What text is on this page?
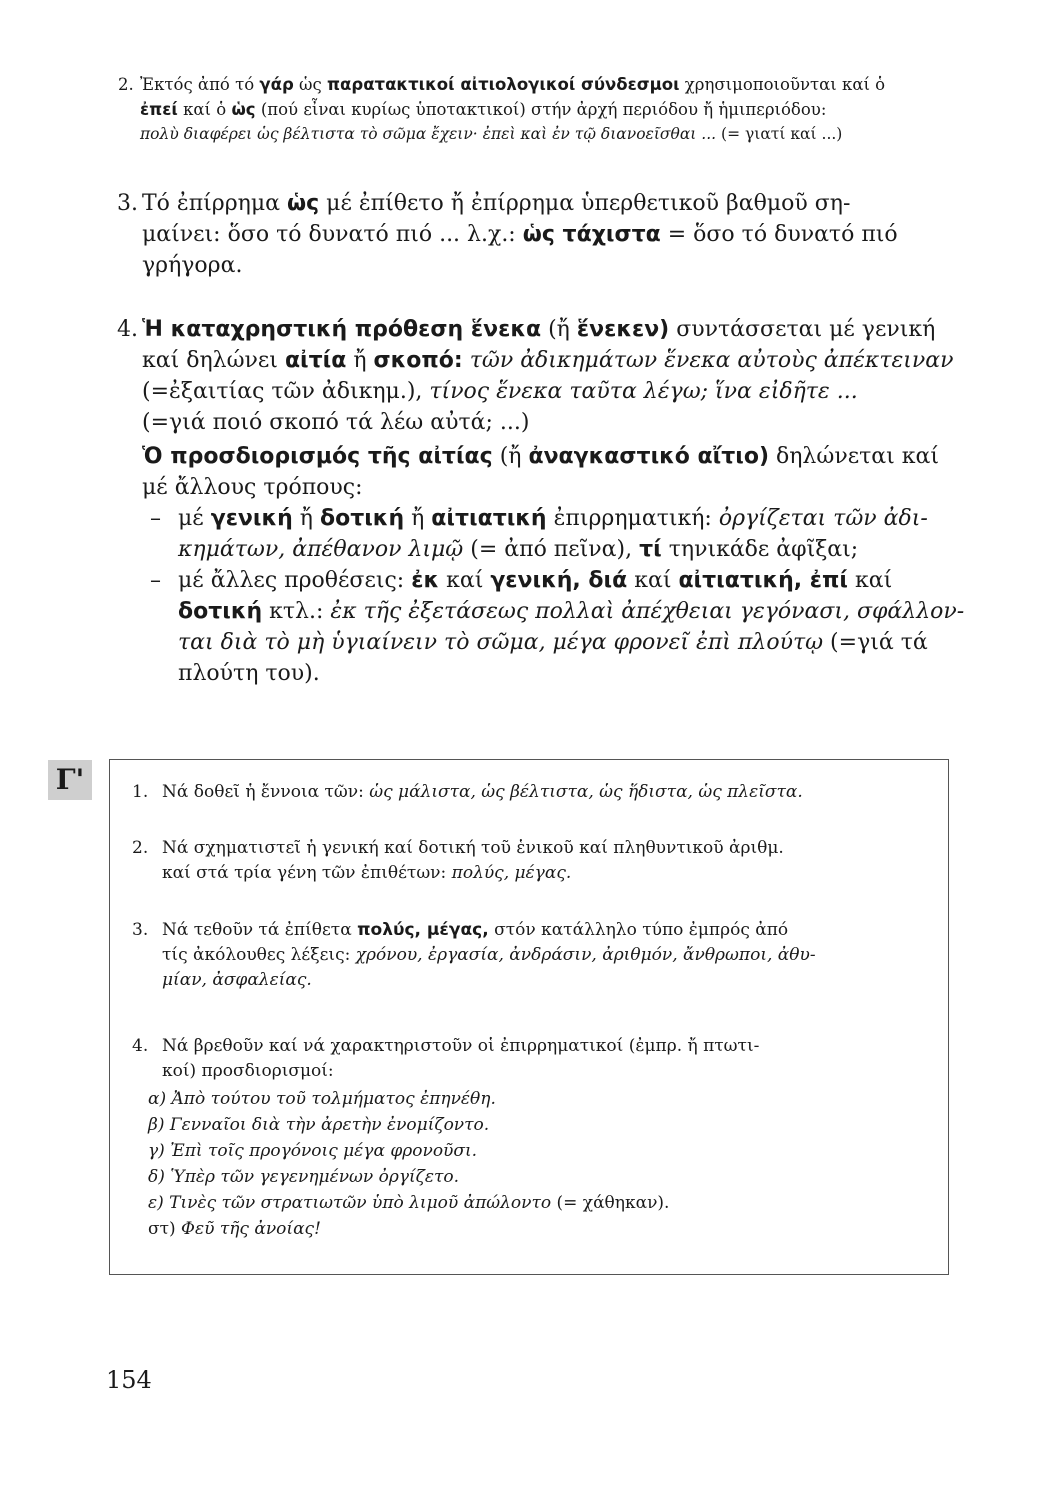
2. Ἐκτός ἀπό τό γάρ ὡς παρατακτικοί αἰτιολογικοί σύνδεσμοι χρησιμοποιοῦνται καί ὁ
ἐπεί καί ὁ ὡς (πού εἶναι κυρίως ὑποτακτικοί) στήν ἀρχή περιόδου ἤ ἡμιπεριόδου:
πολὺ διαφέρει ὡς βέλτιστα τὸ σῶμα ἔχειν· ἐπεὶ καὶ ἐν τῷ διανοεῖσθαι ... (= γιατί καί ...)
3. Τό ἐπίρρημα ὡς μέ ἐπίθετο ἤ ἐπίρρημα ὑπερθετικοῦ βαθμοῦ ση-
μαίνει: ὅσο τό δυνατό πιό ... λ.χ.: ὡς τάχιστα = ὅσο τό δυνατό πιό
γρήγορα.
4. Ἡ καταχρηστική πρόθεση ἕνεκα (ἤ ἕνεκεν) συντάσσεται μέ γενική
καί δηλώνει αἰτία ἤ σκοπό: τῶν ἀδικημάτων ἕνεκα αὐτοὺς ἀπέκτειναν
(=ἐξαιτίας τῶν ἀδικημ.), τίνος ἕνεκα ταῦτα λέγω; ἵνα εἰδῆτε ...
(=γιά ποιό σκοπό τά λέω αὐτά; ...)
Ὁ προσδιορισμός τῆς αἰτίας (ἤ ἀναγκαστικό αἴτιο) δηλώνεται καί
μέ ἄλλους τρόπους:
– μέ γενική ἤ δοτική ἤ αἰτιατική ἐπιρρηματική: ὀργίζεται τῶν ἀδι-
κημάτων, ἀπέθανον λιμῷ (= ἀπό πεῖνα), τί τηνικάδε ἀφῖξαι;
– μέ ἄλλες προθέσεις: ἐκ καί γενική, διά καί αἰτιατική, ἐπί καί
δοτική κτλ.: ἐκ τῆς ἐξετάσεως πολλαὶ ἀπέχθειαι γεγόνασι, σφάλλον-
ται διὰ τὸ μὴ ὑγιαίνειν τὸ σῶμα, μέγα φρονεῖ ἐπὶ πλούτῳ (=γιά τά
πλούτη του).
Γ'	1. Νά δοθεῖ ἡ ἔννοια τῶν: ὡς μάλιστα, ὡς βέλτιστα, ὡς ἥδιστα, ὡς πλεῖστα.
2. Νά σχηματιστεῖ ἡ γενική καί δοτική τοῦ ἑνικοῦ καί πληθυντικοῦ ἀριθμ.
καί στά τρία γένη τῶν ἐπιθέτων: πολύς, μέγας.
3. Νά τεθοῦν τά ἐπίθετα πολύς, μέγας, στόν κατάλληλο τύπο ἐμπρός ἀπό
τίς ἀκόλουθες λέξεις: χρόνου, ἐργασία, ἀνδράσιν, ἀριθμόν, ἄνθρωποι, ἀθυ-
μίαν, ἀσφαλείας.
4. Νά βρεθοῦν καί νά χαρακτηριστοῦν οἱ ἐπιρρηματικοί (ἐμπρ. ἤ πτωτι-
κοί) προσδιορισμοί:
α) Ἀπὸ τούτου τοῦ τολμήματος ἐπηνέθη.
β) Γενναῖοι διὰ τὴν ἀρετὴν ἐνομίζοντο.
γ) Ἐπὶ τοῖς προγόνοις μέγα φρονοῦσι.
δ) Ὑπὲρ τῶν γεγενημένων ὀργίζετο.
ε) Τινὲς τῶν στρατιωτῶν ὑπὸ λιμοῦ ἀπώλοντο (= χάθηκαν).
στ) Φεῦ τῆς ἀνοίας!
154
